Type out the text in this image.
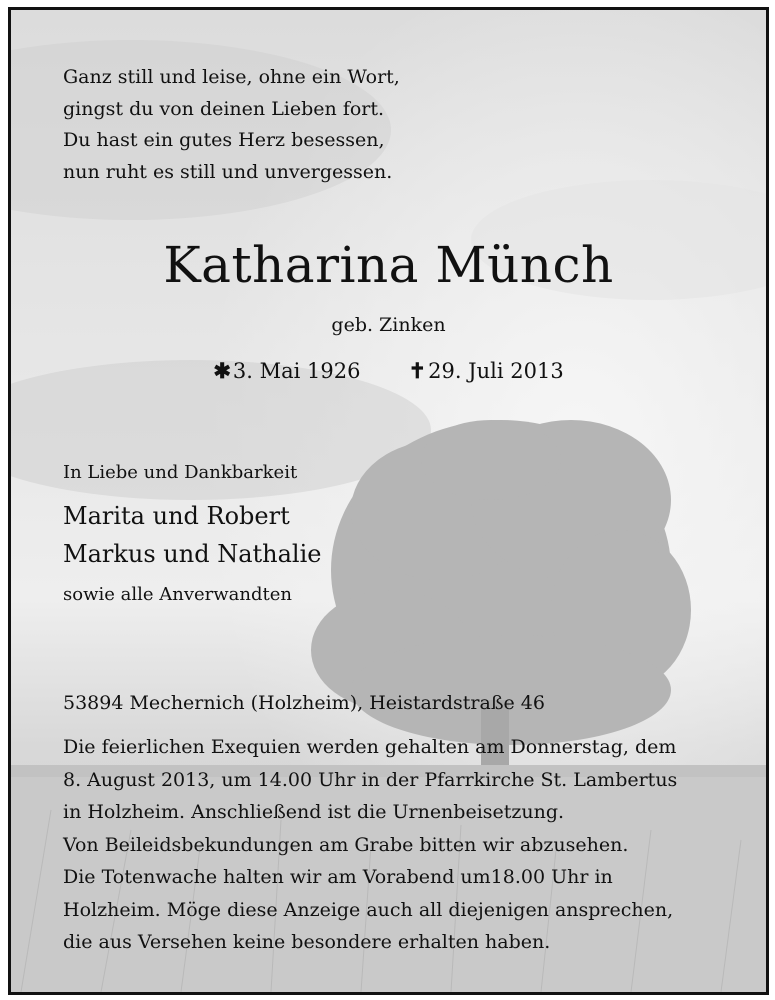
Ganz still und leise, ohne ein Wort,
gingst du von deinen Lieben fort.
Du hast ein gutes Herz besessen,
nun ruht es still und unvergessen.
Katharina Münch
geb. Zinken
✱3. Mai 1926 ✝29. Juli 2013
In Liebe und Dankbarkeit
Marita und Robert
Markus und Nathalie
sowie alle Anverwandten
53894 Mechernich (Holzheim), Heistardstraße 46
Die feierlichen Exequien werden gehalten am Donnerstag, dem
8. August 2013, um 14.00 Uhr in der Pfarrkirche St. Lambertus
in Holzheim. Anschließend ist die Urnenbeisetzung.
Von Beileidsbekundungen am Grabe bitten wir abzusehen.
Die Totenwache halten wir am Vorabend um18.00 Uhr in
Holzheim. Möge diese Anzeige auch all diejenigen ansprechen,
die aus Versehen keine besondere erhalten haben.
